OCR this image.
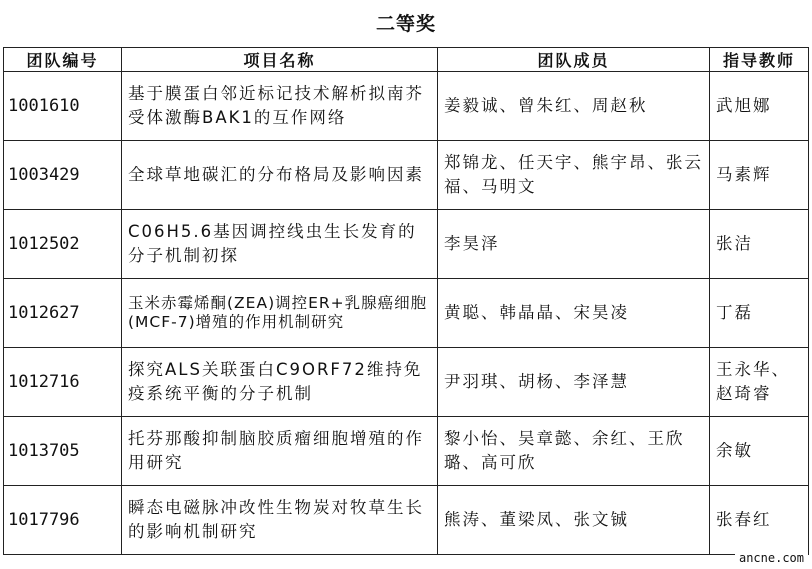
二等奖
团队编号	项目名称	团队成员	指导教师
1001610	基于膜蛋白邻近标记技术解析拟南芥受体激酶BAK1的互作网络	姜毅诚、曾朱红、周赵秋	武旭娜
1003429	全球草地碳汇的分布格局及影响因素	郑锦龙、任天宇、熊宇昂、张云福、马明文	马素辉
1012502	C06H5.6基因调控线虫生长发育的分子机制初探	李昊泽	张洁
1012627	玉米赤霉烯酮(ZEA)调控ER+乳腺癌细胞(MCF-7)增殖的作用机制研究	黄聪、韩晶晶、宋昊凌	丁磊
1012716	探究ALS关联蛋白C9ORF72维持免疫系统平衡的分子机制	尹羽琪、胡杨、李泽慧	王永华、赵琦睿
1013705	托芬那酸抑制脑胶质瘤细胞增殖的作用研究	黎小怡、吴章懿、余红、王欣璐、高可欣	余敏
1017796	瞬态电磁脉冲改性生物炭对牧草生长的影响机制研究	熊涛、董梁凤、张文铖	张春红
ancne.com
